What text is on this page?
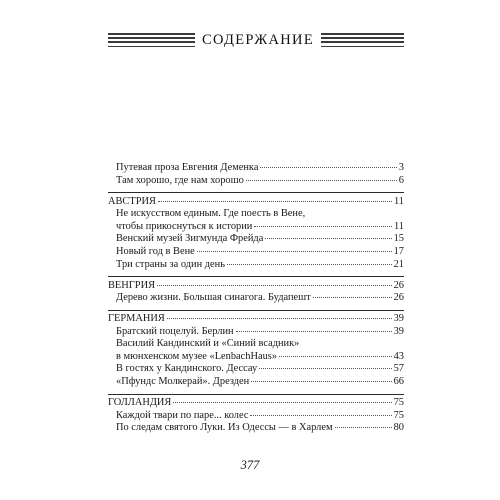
СОДЕРЖАНИЕ
Путевая проза Евгения Деменка	3
Там хорошо, где нам хорошо	6
АВСТРИЯ	11
Не искусством единым. Где поесть в Вене,
чтобы прикоснуться к истории	11
Венский музей Зигмунда Фрейда	15
Новый год в Вене	17
Три страны за один день	21
ВЕНГРИЯ	26
Дерево жизни. Большая синагога. Будапешт	26
ГЕРМАНИЯ	39
Братский поцелуй. Берлин	39
Василий Кандинский и «Синий всадник»
в мюнхенском музее «LenbachHaus»	43
В гостях у Кандинского. Дессау	57
«Пфундс Молкерай». Дрезден	66
ГОЛЛАНДИЯ	75
Каждой твари по паре... колес	75
По следам святого Луки. Из Одессы — в Харлем	80
377
